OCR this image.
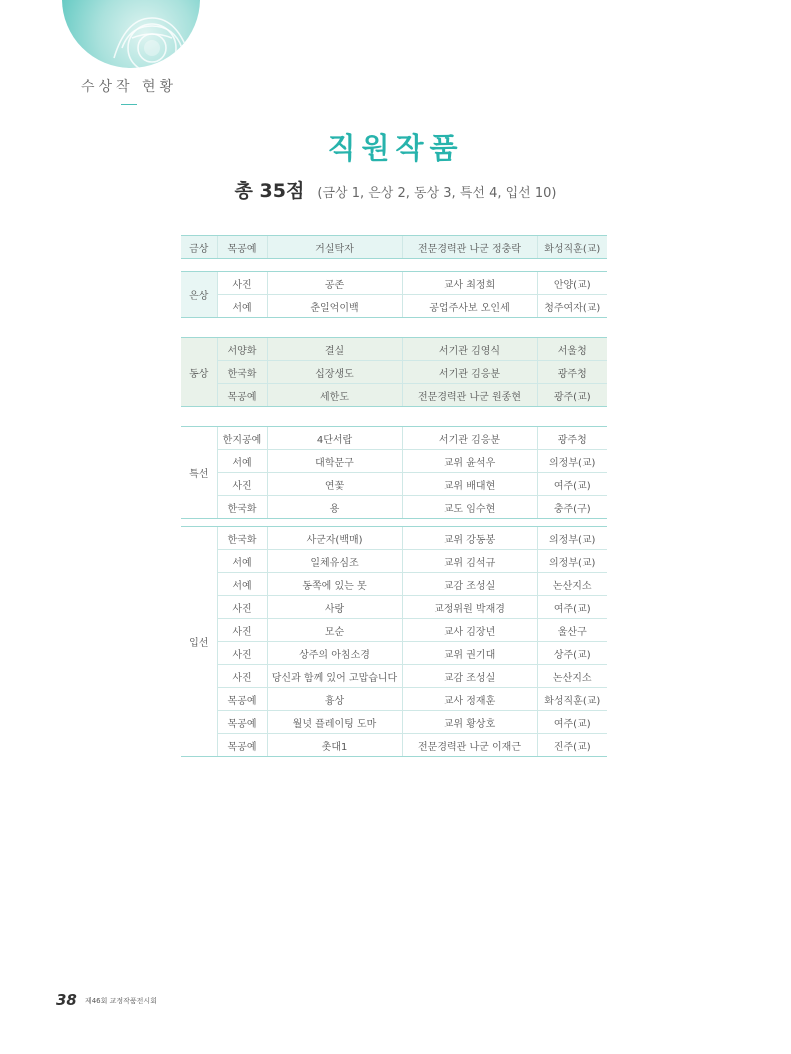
수상작 현황
직원작품
총 35점 (금상 1, 은상 2, 동상 3, 특선 4, 입선 10)
금상	목공예	거실탁자	전문경력관 나군 정충락	화성직훈(교)
은상	사진	공존	교사 최정희	안양(교)
	서예	춘일억이백	공업주사보 오인세	청주여자(교)
동상	서양화	결실	서기관 김영식	서울청
	한국화	십장생도	서기관 김응분	광주청
	목공예	세한도	전문경력관 나군 원종현	광주(교)
특선	한지공예	4단서랍	서기관 김응분	광주청
	서예	대학문구	교위 윤석우	의정부(교)
	사진	연꽃	교위 배대현	여주(교)
	한국화	용	교도 임수현	충주(구)
입선	한국화	사군자(백매)	교위 강동봉	의정부(교)
	서예	일체유심조	교위 김석규	의정부(교)
	서예	동쪽에 있는 못	교감 조성실	논산지소
	사진	사랑	교정위원 박재경	여주(교)
	사진	모순	교사 김장년	울산구
	사진	상주의 아침소경	교위 권기대	상주(교)
	사진	당신과 함께 있어 고맙습니다	교감 조성실	논산지소
	목공예	흉상	교사 정재훈	화성직훈(교)
	목공예	월넛 플레이팅 도마	교위 황상호	여주(교)
	목공예	촛대1	전문경력관 나군 이재근	진주(교)
38 제46회 교정작품전시회
